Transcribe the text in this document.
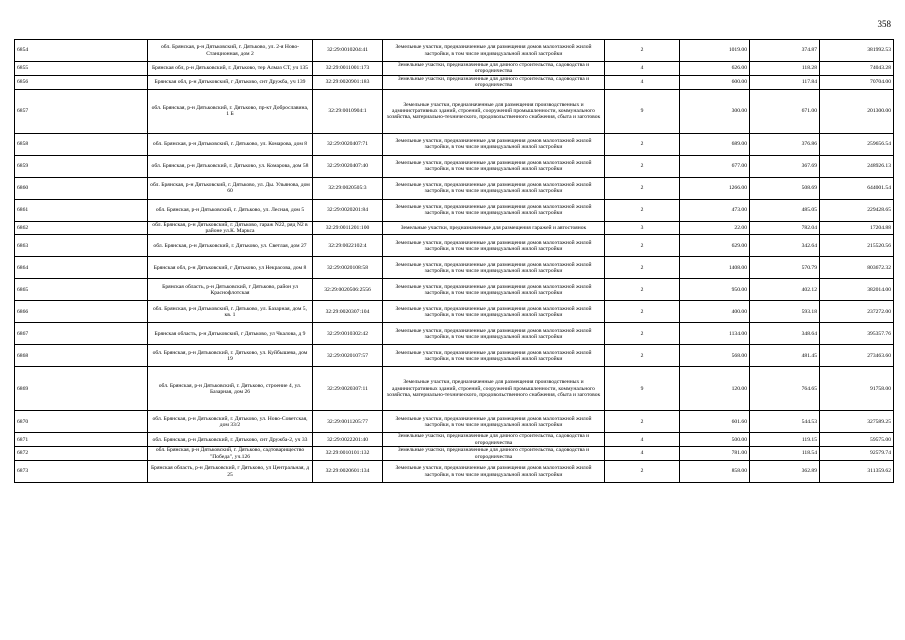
358
6854	обл. Брянская, р-н Дятьковский, г. Дятьково, ул. 2-я Ново-Станционная, дом 2	32:29:0010204:41	Земельные участки, предназначенные для размещения домов малоэтажной жилой застройки, в том числе индивидуальной жилой застройки	2	1019.00	374.87	381992.53
6855	Брянская обл, р-н Дятьковский, г. Дятьково, тер Алмаз СТ, уч 135	32:29:0011001:173	Земельные участки, предназначенные для дачного строительства, садоводства и огородничества	4	626.00	118.28	74043.28
6856	Брянская обл, р-н Дятьковский, г Дятьково, снт Дружба, уч 139	32:29:0020901:183	Земельные участки, предназначенные для дачного строительства, садоводства и огородничества	4	600.00	117.84	70704.00
6857	обл. Брянская, р-н Дятьковский, г. Дятьково, пр-кт Доброславина, 1 Б	32:29:0010904:1	Земельные участки, предназначенные для размещения производственных и административных зданий, строений, сооружений промышленности, коммунального хозяйства, материально-технического, продовольственного снабжения, сбыта и заготовок	9	300.00	671.00	201300.00
6858	обл. Брянская, р-н Дятьковский, г. Дятьково, ул. Комарова, дом 8	32:29:0020407:71	Земельные участки, предназначенные для размещения домов малоэтажной жилой застройки, в том числе индивидуальной жилой застройки	2	689.00	376.86	259656.54
6859	обл. Брянская, р-н Дятьковский, г. Дятьково, ул. Комарова, дом 58	32:29:0020407:40	Земельные участки, предназначенные для размещения домов малоэтажной жилой застройки, в том числе индивидуальной жилой застройки	2	677.00	367.69	248926.13
6860	обл. Брянская, р-н Дятьковский, г. Дятьково, ул. Ды. Ульянова, дом 60	32:29:0020505:3	Земельные участки, предназначенные для размещения домов малоэтажной жилой застройки, в том числе индивидуальной жилой застройки	2	1266.00	508.69	644001.54
6861	обл. Брянская, р-н Дятьковский, г. Дятьково, ул. Лесная, дом 5	32:29:0020201:84	Земельные участки, предназначенные для размещения домов малоэтажной жилой застройки, в том числе индивидуальной жилой застройки	2	473.00	485.05	229428.65
6862	обл. Брянская, р-н Дятьковский, г. Дятьково, гараж N22, ряд N2 в районе ул.К. Маркса	32:29:0011201:100	Земельные участки, предназначенные для размещения гаражей и автостоянок	3	22.00	782.04	17204.88
6863	обл. Брянская, р-н Дятьковский, г. Дятьково, ул. Светлая, дом 27	32:29:0022102:4	Земельные участки, предназначенные для размещения домов малоэтажной жилой застройки, в том числе индивидуальной жилой застройки	2	629.00	342.64	215520.56
6864	Брянская обл, р-н Дятьковский, г Дятьково, ул Некрасова, дом 8	32:29:0020108:58	Земельные участки, предназначенные для размещения домов малоэтажной жилой застройки, в том числе индивидуальной жилой застройки	2	1408.00	570.79	803672.32
6865	Брянская область, р-н Дятьковский, г Дятьково, район ул Краснофлотская	32:29:0020506:2556	Земельные участки, предназначенные для размещения домов малоэтажной жилой застройки, в том числе индивидуальной жилой застройки	2	950.00	402.12	382014.00
6866	обл. Брянская, р-н Дятьковский, г. Дятьково, ул. Базарная, дом 5, кв. 1	32:29:0020307:104	Земельные участки, предназначенные для размещения домов малоэтажной жилой застройки, в том числе индивидуальной жилой застройки	2	400.00	593.18	237272.00
6867	Брянская область, р-н Дятьковский, г Дятьково, ул Чкалова, д 9	32:29:0010302:42	Земельные участки, предназначенные для размещения домов малоэтажной жилой застройки, в том числе индивидуальной жилой застройки	2	1134.00	348.64	395357.76
6868	обл. Брянская, р-н Дятьковский, г. Дятьково, ул. Куйбышева, дом 19	32:29:0020107:57	Земельные участки, предназначенные для размещения домов малоэтажной жилой застройки, в том числе индивидуальной жилой застройки	2	568.00	481.45	273463.60
6869	обл. Брянская, р-н Дятьковский, г. Дятьково, строение 4, ул. Базарная, дом 26	32:29:0020307:11	Земельные участки, предназначенные для размещения производственных и административных зданий, строений, сооружений промышленности, коммунального хозяйства, материально-технического, продовольственного снабжения, сбыта и заготовок	9	120.00	764.65	91758.00
6870	обл. Брянская, р-н Дятьковский, г. Дятьково, ул. Ново-Советская, дом 33/2	32:29:0011205:77	Земельные участки, предназначенные для размещения домов малоэтажной жилой застройки, в том числе индивидуальной жилой застройки	2	601.60	544.53	327589.25
6871	обл. Брянская, р-н Дятьковский, г. Дятьково, снт Дружба-2, уч 33	32:29:0022201:40	Земельные участки, предназначенные для дачного строительства, садоводства и огородничества	4	500.00	119.15	59575.00
6872	обл. Брянская, р-н Дятьковский, г. Дятьково, садтоварищество "Победа", уч.126	32:29:0010101:132	Земельные участки, предназначенные для дачного строительства, садоводства и огородничества	4	781.00	118.54	92579.74
6873	Брянская область, р-н Дятьковский, г Дятьково, ул Центральная, д 25	32:29:0020601:134	Земельные участки, предназначенные для размещения домов малоэтажной жилой застройки, в том числе индивидуальной жилой застройки	2	858.00	362.89	311359.62
